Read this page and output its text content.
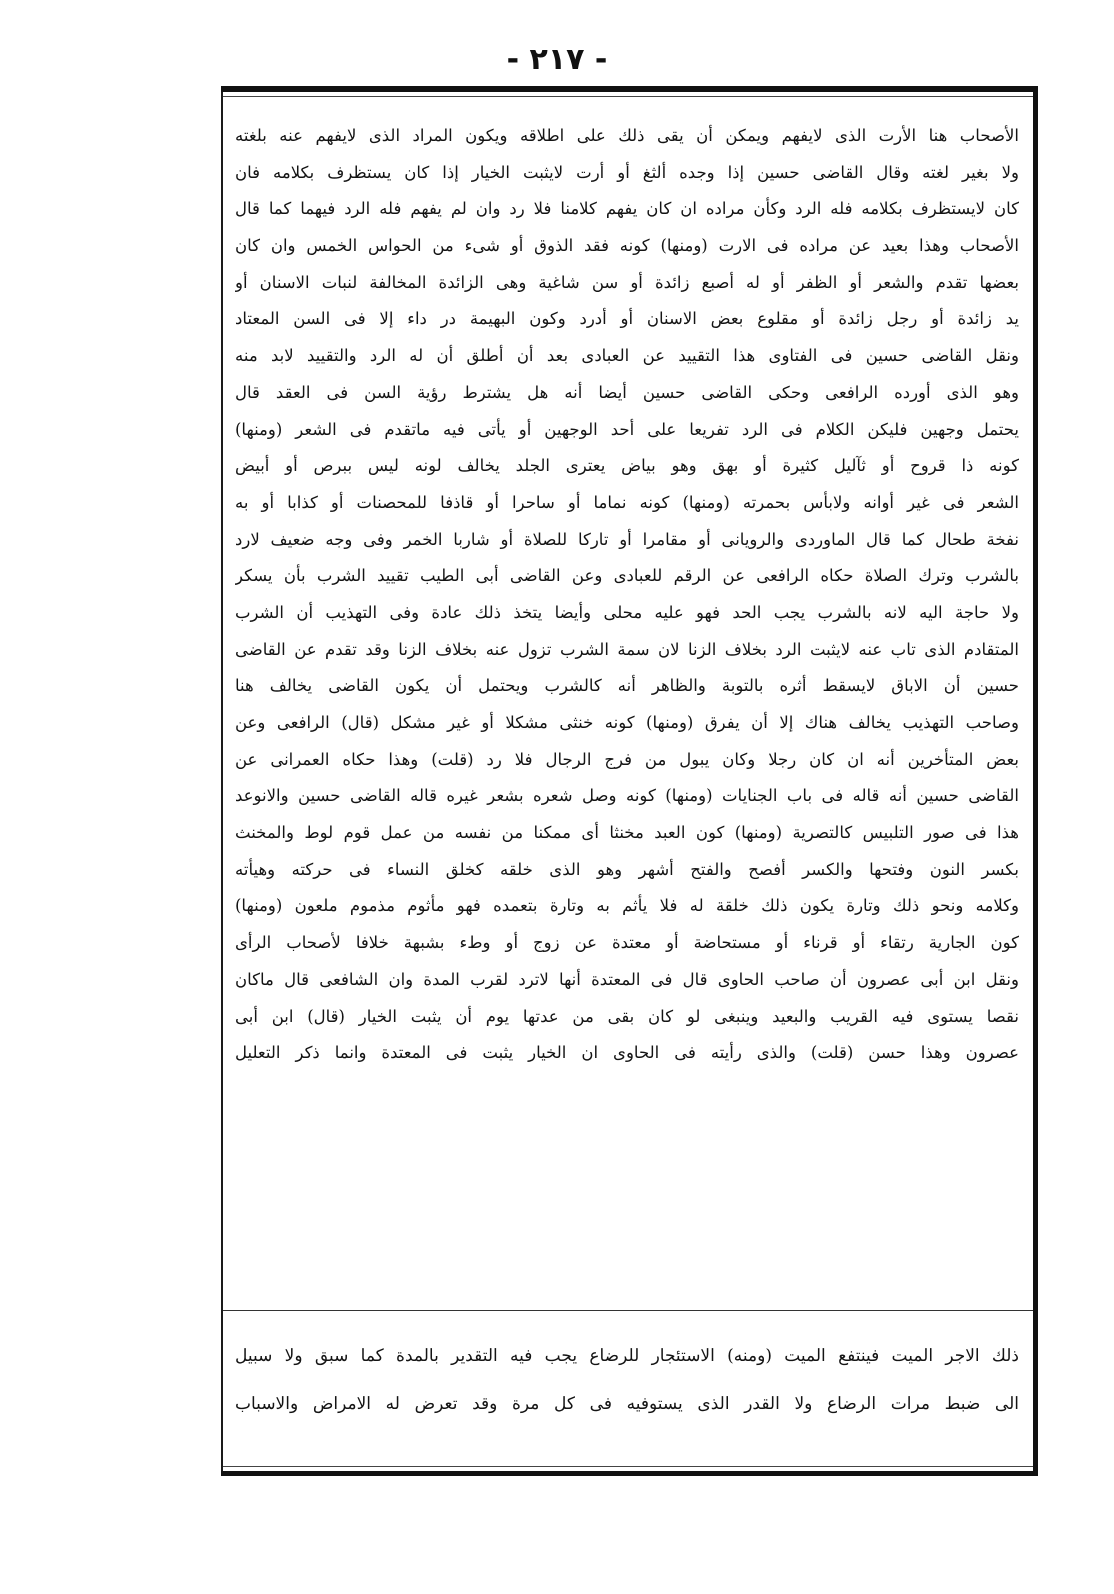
- ٢١٧ -
الأصحاب هنا الأرت الذى لايفهم ويمكن أن يقى ذلك على اطلاقه ويكون المراد الذى لايفهم عنه بلغته
ولا بغير لغته وقال القاضى حسين إذا وجده ألثغ أو أرت لايثبت الخيار إذا كان يستظرف بكلامه فان
كان لايستظرف بكلامه فله الرد وكأن مراده ان كان يفهم كلامنا فلا رد وان لم يفهم فله الرد فيهما كما قال
الأصحاب وهذا بعيد عن مراده فى الارت (ومنها) كونه فقد الذوق أو شىء من الحواس الخمس وان كان
بعضها تقدم والشعر أو الظفر أو له أصبع زائدة أو سن شاغية وهى الزائدة المخالفة لنبات الاسنان أو
يد زائدة أو رجل زائدة أو مقلوع بعض الاسنان أو أدرد وكون البهيمة در داء إلا فى السن المعتاد
ونقل القاضى حسين فى الفتاوى هذا التقييد عن العبادى بعد أن أطلق أن له الرد والتقييد لابد منه
وهو الذى أورده الرافعى وحكى القاضى حسين أيضا أنه هل يشترط رؤية السن فى العقد قال
يحتمل وجهين فليكن الكلام فى الرد تفريعا على أحد الوجهين أو يأتى فيه ماتقدم فى الشعر (ومنها)
كونه ذا قروح أو ثآليل كثيرة أو بهق وهو بياض يعترى الجلد يخالف لونه ليس ببرص أو أبيض
الشعر فى غير أوانه ولابأس بحمرته (ومنها) كونه نماما أو ساحرا أو قاذفا للمحصنات أو كذابا أو به
نفخة طحال كما قال الماوردى والرويانى أو مقامرا أو تاركا للصلاة أو شاربا الخمر وفى وجه ضعيف لارد
بالشرب وترك الصلاة حكاه الرافعى عن الرقم للعبادى وعن القاضى أبى الطيب تقييد الشرب بأن يسكر
ولا حاجة اليه لانه بالشرب يجب الحد فهو عليه محلى وأيضا يتخذ ذلك عادة وفى التهذيب أن الشرب
المتقادم الذى تاب عنه لايثبت الرد بخلاف الزنا لان سمة الشرب تزول عنه بخلاف الزنا وقد تقدم عن القاضى
حسين أن الاباق لايسقط أثره بالتوبة والظاهر أنه كالشرب ويحتمل أن يكون القاضى يخالف هنا
وصاحب التهذيب يخالف هناك إلا أن يفرق (ومنها) كونه خنثى مشكلا أو غير مشكل (قال) الرافعى وعن
بعض المتأخرين أنه ان كان رجلا وكان يبول من فرج الرجال فلا رد (قلت) وهذا حكاه العمرانى عن
القاضى حسين أنه قاله فى باب الجنايات (ومنها) كونه وصل شعره بشعر غيره قاله القاضى حسين والانوعد
هذا فى صور التلبيس كالتصرية (ومنها) كون العبد مخنثا أى ممكنا من نفسه من عمل قوم لوط والمخنث
بكسر النون وفتحها والكسر أفصح والفتح أشهر وهو الذى خلقه كخلق النساء فى حركته وهيأته
وكلامه ونحو ذلك وتارة يكون ذلك خلقة له فلا يأثم به وتارة بتعمده فهو مأثوم مذموم ملعون (ومنها)
كون الجارية رتقاء أو قرناء أو مستحاضة أو معتدة عن زوج أو وطء بشبهة خلافا لأصحاب الرأى
ونقل ابن أبى عصرون أن صاحب الحاوى قال فى المعتدة أنها لاترد لقرب المدة وان الشافعى قال ماكان
نقصا يستوى فيه القريب والبعيد وينبغى لو كان بقى من عدتها يوم أن يثبت الخيار (قال) ابن أبى
عصرون وهذا حسن (قلت) والذى رأيته فى الحاوى ان الخيار يثبت فى المعتدة وانما ذكر التعليل
ذلك الاجر الميت فينتفع الميت (ومنه) الاستئجار للرضاع يجب فيه التقدير بالمدة كما سبق ولا سبيل
الى ضبط مرات الرضاع ولا القدر الذى يستوفيه فى كل مرة وقد تعرض له الامراض والاسباب
